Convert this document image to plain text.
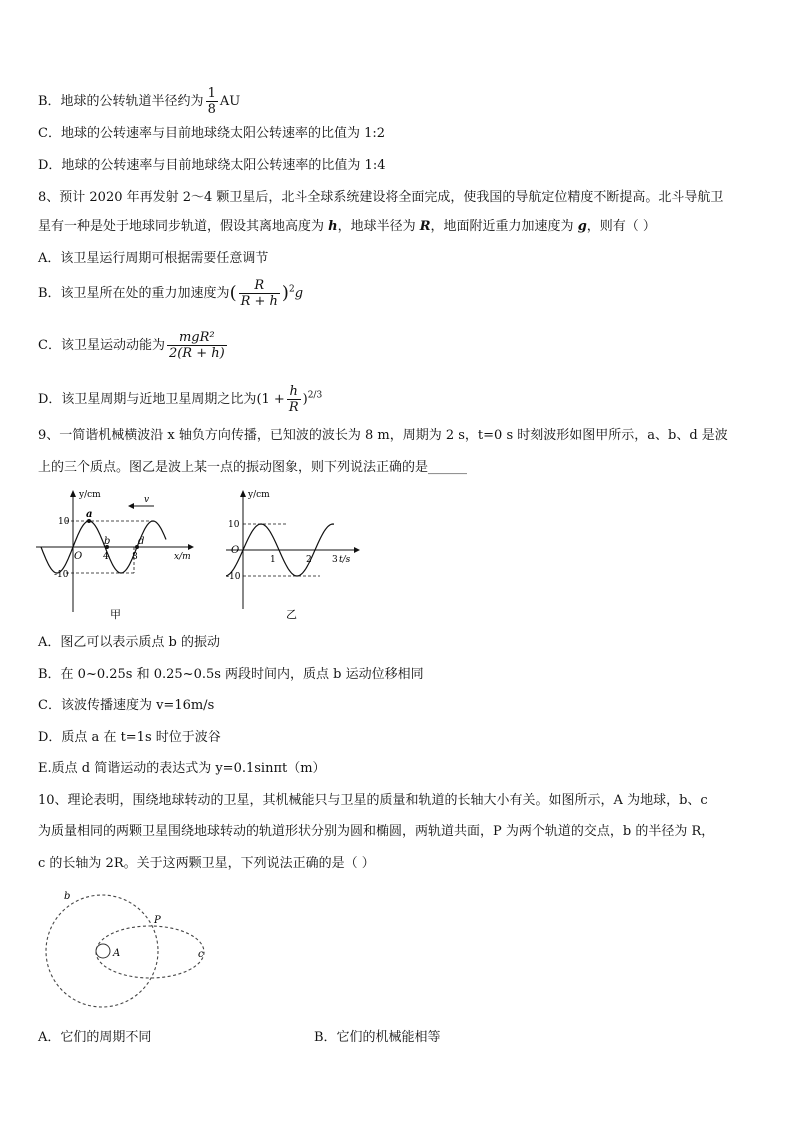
B．地球的公转轨道半径约为 $\frac{1}{8}$ AU
C．地球的公转速率与目前地球绕太阳公转速率的比值为 1:2
D．地球的公转速率与目前地球绕太阳公转速率的比值为 1:4
8、预计 2020 年再发射 2～4 颗卫星后，北斗全球系统建设将全面完成，使我国的导航定位精度不断提高。北斗导航卫
星有一种是处于地球同步轨道，假设其离地高度为 h，地球半径为 R，地面附近重力加速度为 g，则有（ ）
A．该卫星运行周期可根据需要任意调节
B．该卫星所在处的重力加速度为( $\frac{R}{R + h} )^2g$
C．该卫星运动动能为 $\frac{\text{mgR²}}{2(R + h)}$
D．该卫星周期与近地卫星周期之比为$(1 + \frac{h}{R} )^{2/3}$
9、一简谐机械横波沿 x 轴负方向传播，已知波的波长为 8 m，周期为 2 s，t=0 s 时刻波形如图甲所示，a、b、d 是波
上的三个质点。图乙是波上某一点的振动图象，则下列说法正确的是______
y/cm
x/m
10
-10
4	8
O
a
b	d
v
甲
y/cm
t/s
10
-10
1	2 3
O
乙
A．图乙可以表示质点 b 的振动
B．在 0~0.25s 和 0.25~0.5s 两段时间内，质点 b 运动位移相同
C．该波传播速度为 v=16m/s
D．质点 a 在 t=1s 时位于波谷
E.质点 d 简谐运动的表达式为 y=0.1sinπt（m）
10、理论表明，围绕地球转动的卫星，其机械能只与卫星的质量和轨道的长轴大小有关。如图所示，A 为地球，b、c
为质量相同的两颗卫星围绕地球转动的轨道形状分别为圆和椭圆，两轨道共面，P 为两个轨道的交点，b 的半径为 R，
c 的长轴为 2R。关于这两颗卫星，下列说法正确的是（ ）
A
b
c
P
A．它们的周期不同	B．它们的机械能相等
